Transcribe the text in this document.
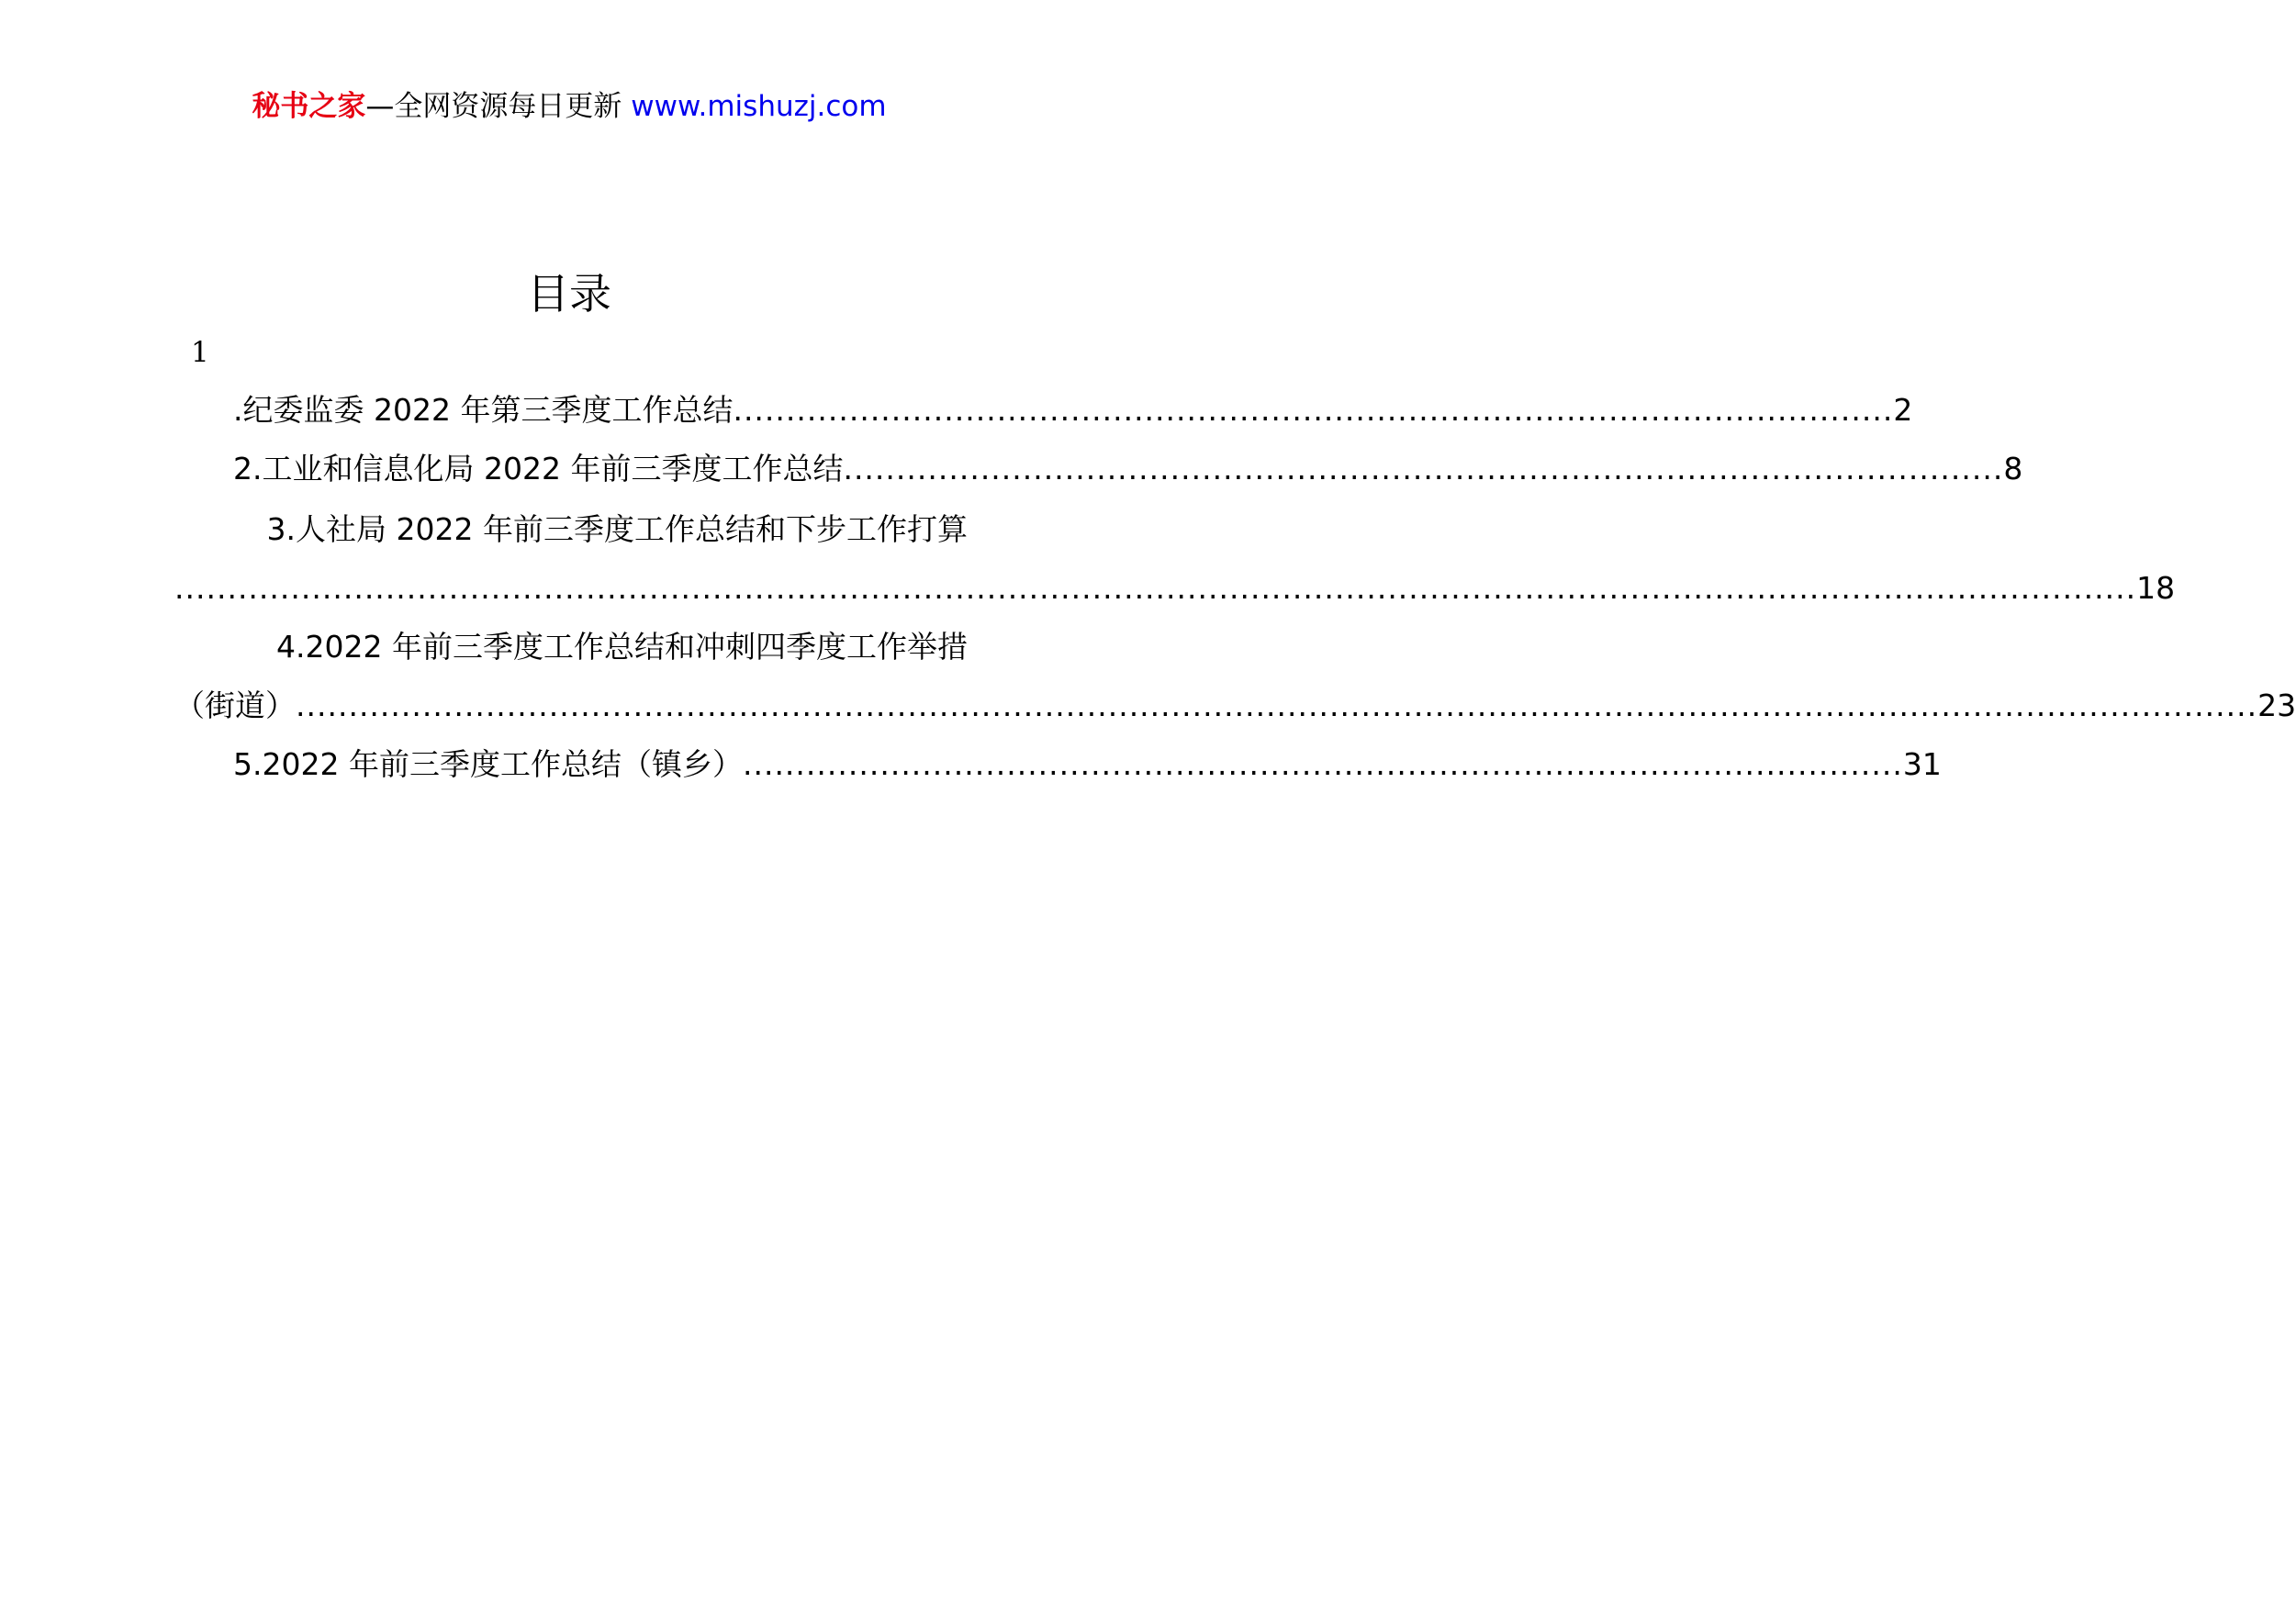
秘书之家—全网资源每日更新 www.mishuzj.com
目录
1
.纪委监委 2022 年第三季度工作总结 .............................................................................................................. 2
2.工业和信息化局 2022 年前三季度工作总结 .............................................................................................................. 8
3.人社局 2022 年前三季度工作总结和下步工作打算
.......................................................................................................................................................................................... 18
4.2022 年前三季度工作总结和冲刺四季度工作举措
（街道） .......................................................................................................................................................................................... 23
5.2022 年前三季度工作总结（镇乡） .............................................................................................................. 31
